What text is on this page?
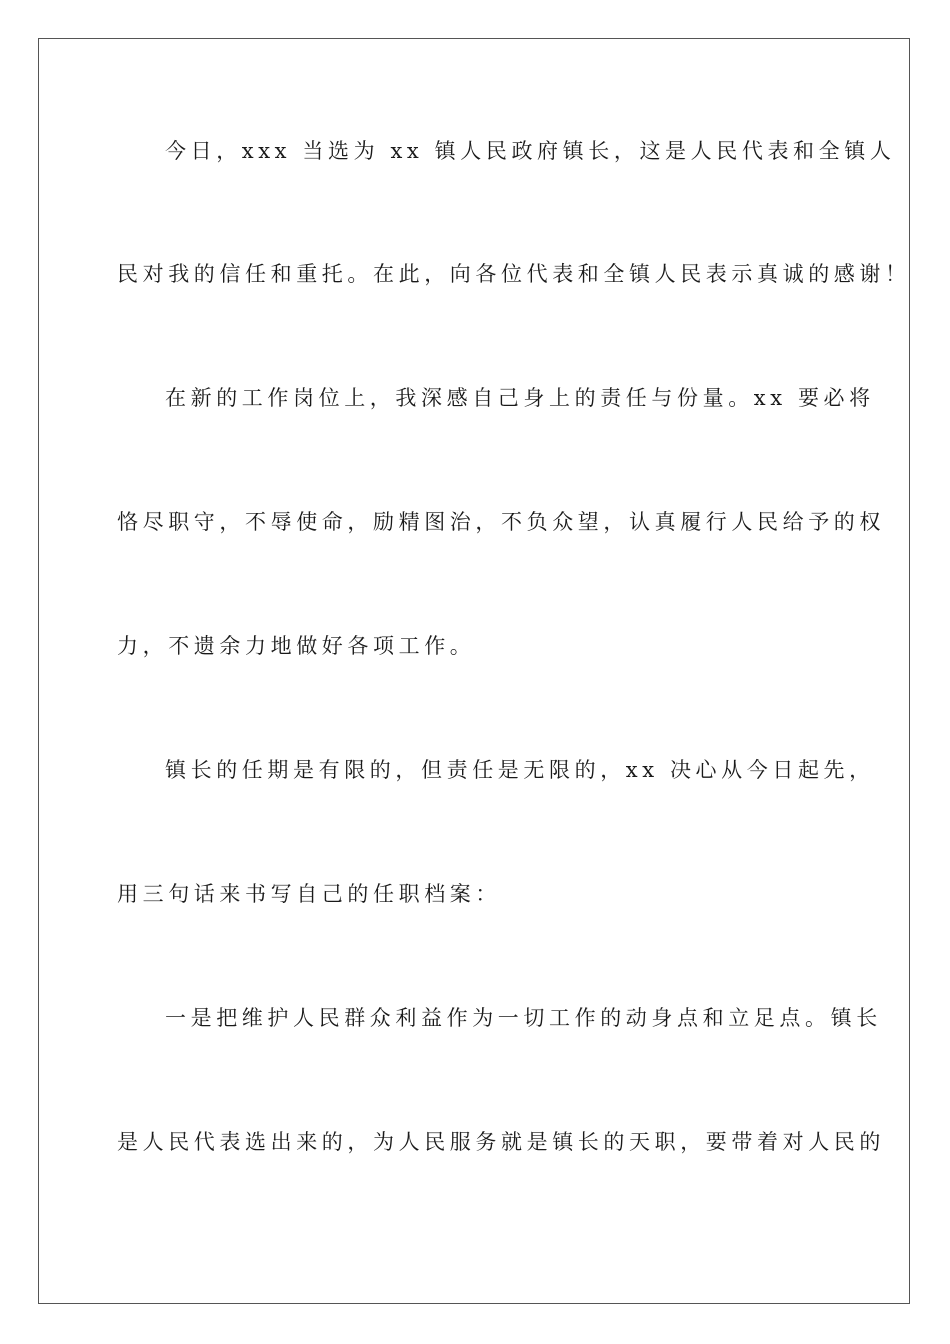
今日，xxx 当选为 xx 镇人民政府镇长，这是人民代表和全镇人
民对我的信任和重托。在此，向各位代表和全镇人民表示真诚的感谢！
在新的工作岗位上，我深感自己身上的责任与份量。xx 要必将
恪尽职守，不辱使命，励精图治，不负众望，认真履行人民给予的权
力，不遗余力地做好各项工作。
镇长的任期是有限的，但责任是无限的，xx 决心从今日起先，
用三句话来书写自己的任职档案：
一是把维护人民群众利益作为一切工作的动身点和立足点。镇长
是人民代表选出来的，为人民服务就是镇长的天职，要带着对人民的
